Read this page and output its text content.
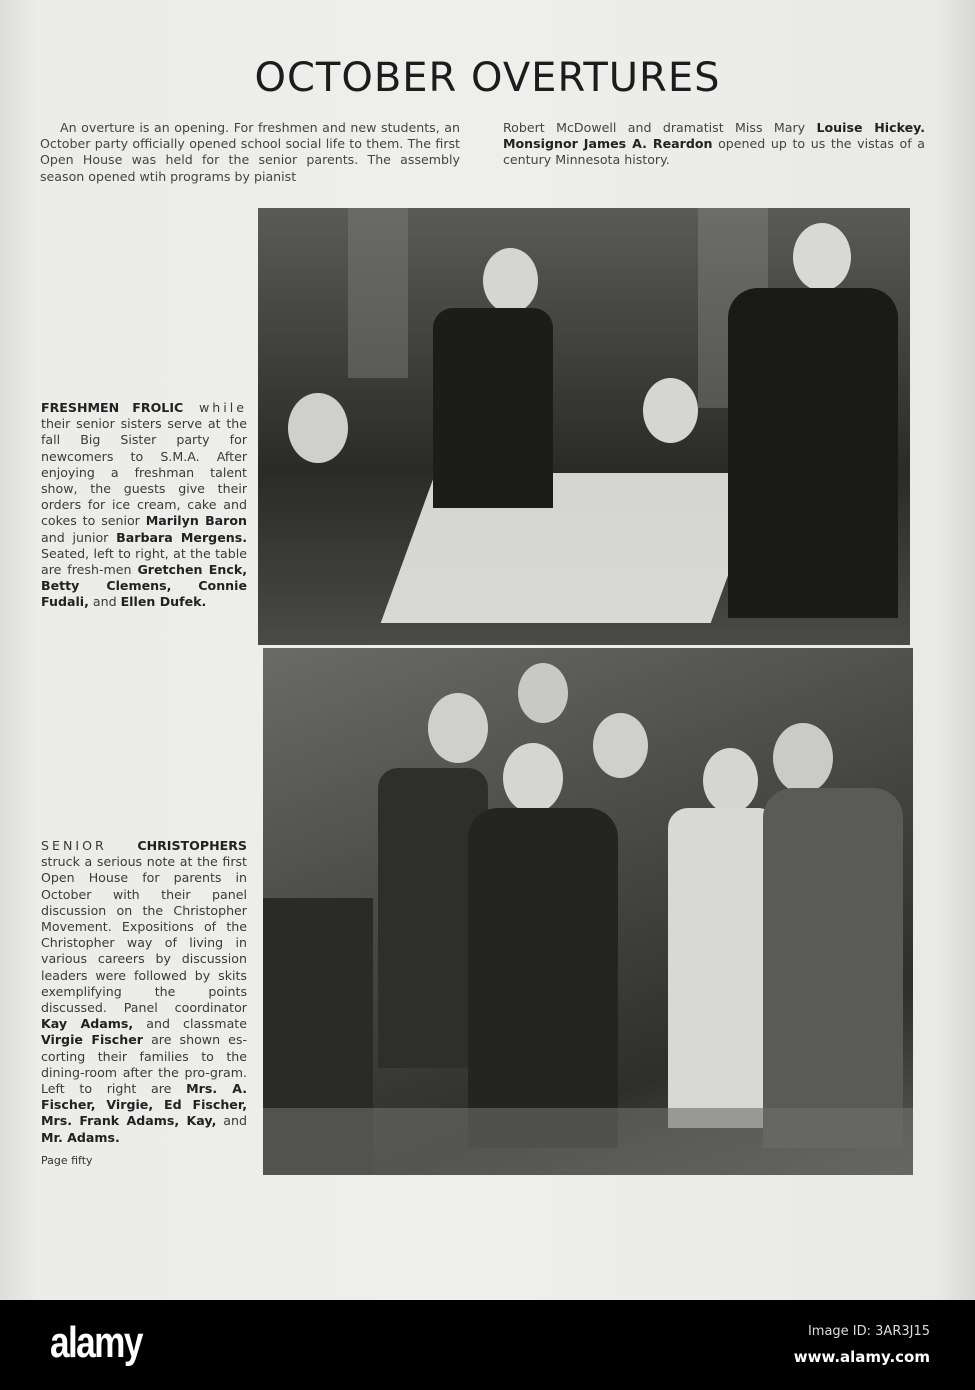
OCTOBER OVERTURES
An overture is an opening. For freshmen and new students, an October party officially opened school social life to them. The first Open House was held for the senior parents. The assembly season opened wtih programs by pianist
Robert McDowell and dramatist Miss Mary Louise Hickey. Monsignor James A. Reardon opened up to us the vistas of a century Minnesota history.
FRESHMEN FROLIC while their senior sisters serve at the fall Big Sister party for newcomers to S.M.A. After enjoying a freshman talent show, the guests give their orders for ice cream, cake and cokes to senior Marilyn Baron and junior Barbara Mergens. Seated, left to right, at the table are fresh-men Gretchen Enck, Betty Clemens, Connie Fudali, and Ellen Dufek.
SENIOR CHRISTOPHERS struck a serious note at the first Open House for parents in October with their panel discussion on the Christopher Movement. Expositions of the Christopher way of living in various careers by discussion leaders were followed by skits exemplifying the points discussed. Panel coordinator Kay Adams, and classmate Virgie Fischer are shown es-corting their families to the dining-room after the pro-gram. Left to right are Mrs. A. Fischer, Virgie, Ed Fischer, Mrs. Frank Adams, Kay, and Mr. Adams.
Page fifty
alamy	Image ID: 3AR3J15
www.alamy.com
